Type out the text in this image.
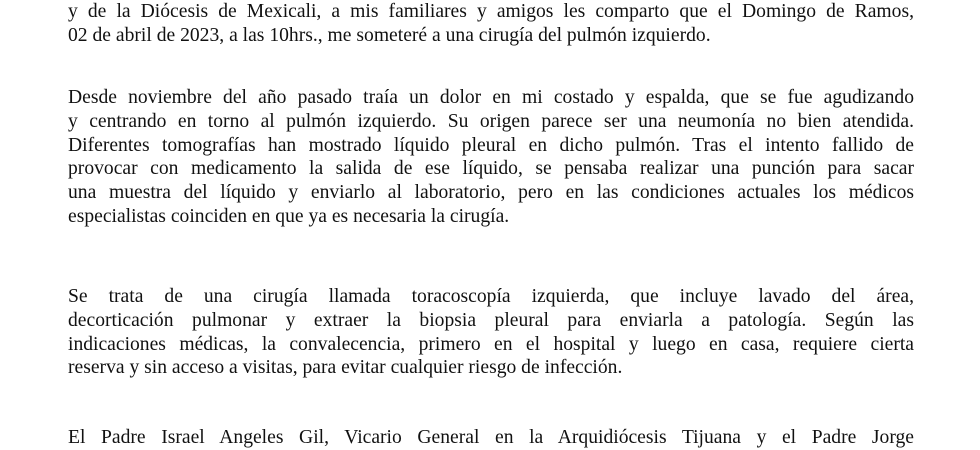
y de la Diócesis de Mexicali, a mis familiares y amigos les comparto que el Domingo de Ramos,
02 de abril de 2023, a las 10hrs., me someteré a una cirugía del pulmón izquierdo.
Desde noviembre del año pasado traía un dolor en mi costado y espalda, que se fue agudizando
y centrando en torno al pulmón izquierdo. Su origen parece ser una neumonía no bien atendida.
Diferentes tomografías han mostrado líquido pleural en dicho pulmón. Tras el intento fallido de
provocar con medicamento la salida de ese líquido, se pensaba realizar una punción para sacar
una muestra del líquido y enviarlo al laboratorio, pero en las condiciones actuales los médicos
especialistas coinciden en que ya es necesaria la cirugía.
Se trata de una cirugía llamada toracoscopía izquierda, que incluye lavado del área,
decorticación pulmonar y extraer la biopsia pleural para enviarla a patología. Según las
indicaciones médicas, la convalecencia, primero en el hospital y luego en casa, requiere cierta
reserva y sin acceso a visitas, para evitar cualquier riesgo de infección.
El Padre Israel Angeles Gil, Vicario General en la Arquidiócesis Tijuana y el Padre Jorge
